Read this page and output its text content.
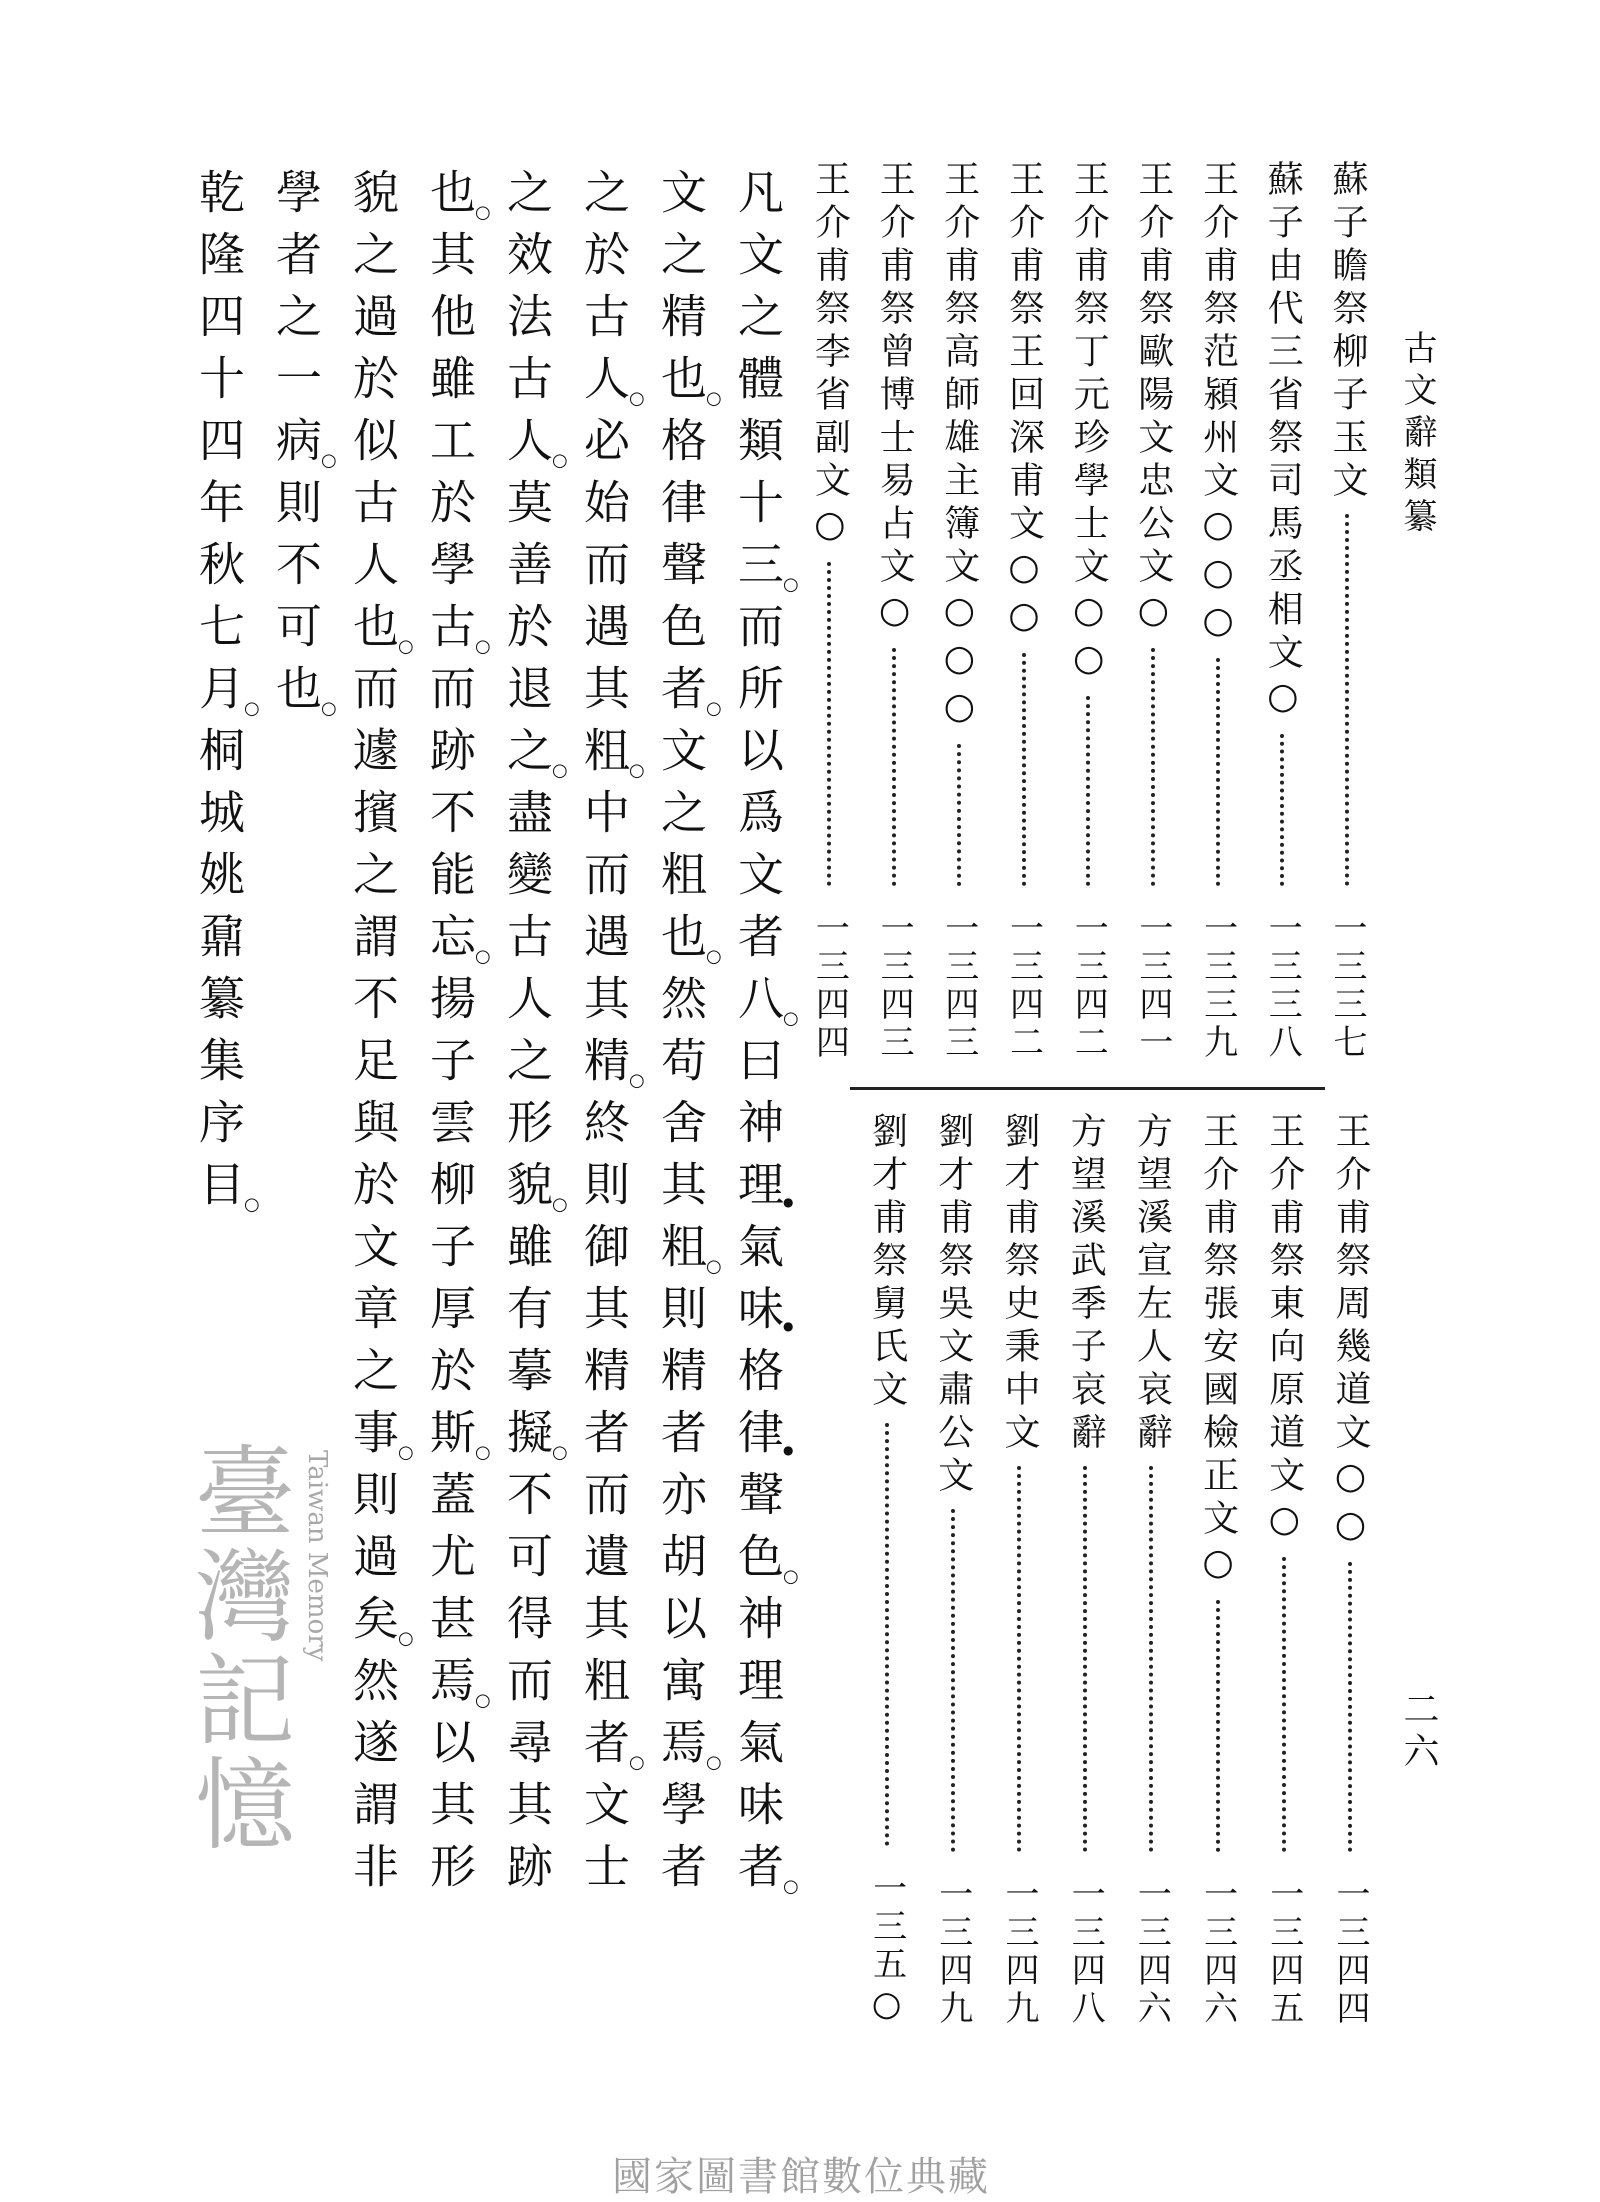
古文辭類纂
二六
蘇子瞻祭柳子玉文
一三三七
蘇子由代三省祭司馬丞相文○
一三三八
王介甫祭范潁州文○○○
一三三九
王介甫祭歐陽文忠公文○
一三四一
王介甫祭丁元珍學士文○○
一三四二
王介甫祭王回深甫文○○
一三四二
王介甫祭高師雄主簿文○○○
一三四三
王介甫祭曾博士易占文○
一三四三
王介甫祭李省副文○
一三四四
王介甫祭周幾道文○○
一三四四
王介甫祭東向原道文○
一三四五
王介甫祭張安國檢正文○
一三四六
方望溪宣左人哀辭
一三四六
方望溪武季子哀辭
一三四八
劉才甫祭史秉中文
一三四九
劉才甫祭吳文肅公文
一三四九
劉才甫祭舅氏文
一三五○
凡文之體類十三
○
而所以爲文者八
○
曰神理
●
氣味
●
格律
●
聲色
○
神理氣味者
○
文之精也
○
格律聲色者
○
文之粗也
○
然苟舍其粗
○
則精者亦胡以寓焉
○
學者
之於古人
○
必始而遇其粗
○
中而遇其精
○
終則御其精者而遺其粗者
○
文士
之效法古人
○
莫善於退之
○
盡變古人之形貌
○
雖有摹擬
○
不可得而尋其跡
也
○
其他雖工於學古
○
而跡不能忘
○
揚子雲柳子厚於斯
○
蓋尤甚焉
○
以其形
貌之過於似古人也
○
而遽擯之謂不足與於文章之事
○
則過矣
○
然遂謂非
學者之一病
○
則不可也
○
乾隆四十四年秋七月
○
桐城姚鼐纂集序目
○
臺灣記憶 Taiwan Memory
國家圖書館數位典藏
